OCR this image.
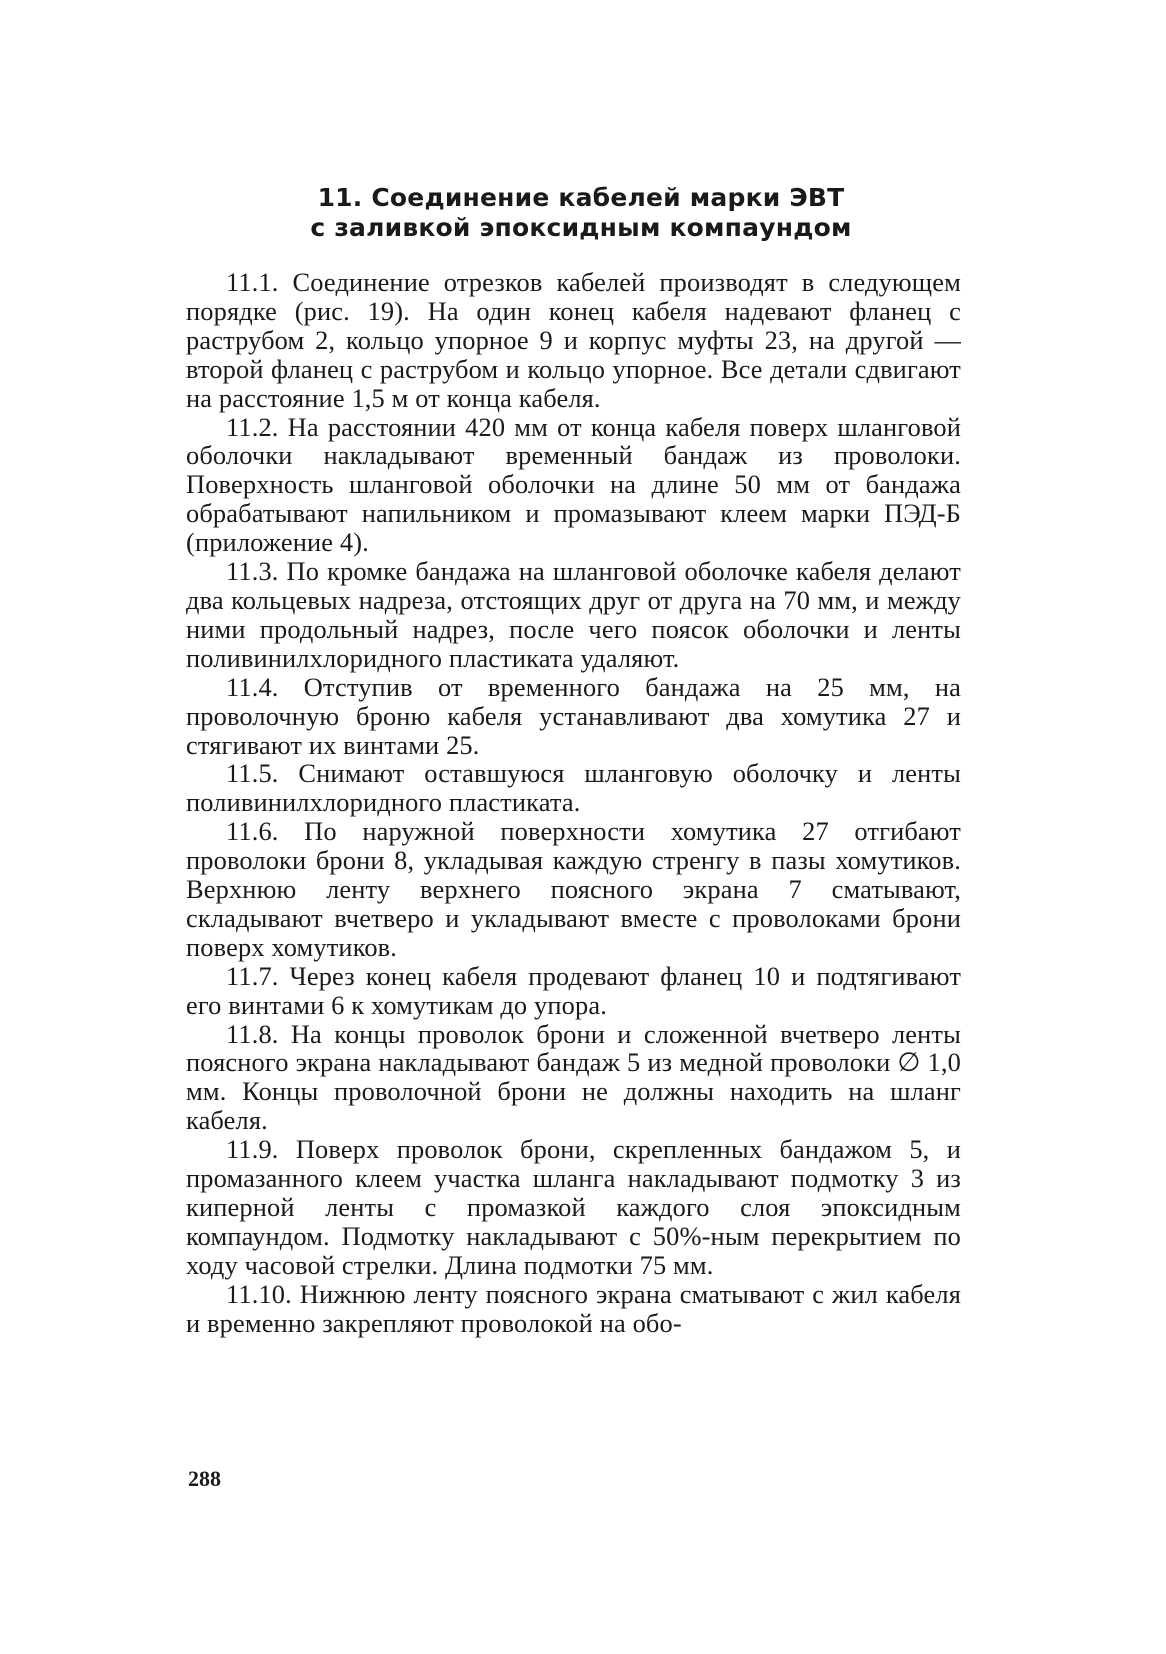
11. Соединение кабелей марки ЭВТ
с заливкой эпоксидным компаундом

11.1. Соединение отрезков кабелей производят в следующем порядке (рис. 19). На один конец кабеля надевают фланец с раструбом 2, кольцо упорное 9 и корпус муфты 23, на другой — второй фланец с раструбом и кольцо упорное. Все детали сдвигают на расстояние 1,5 м от конца кабеля.

11.2. На расстоянии 420 мм от конца кабеля поверх шланговой оболочки накладывают временный бандаж из проволоки. Поверхность шланговой оболочки на длине 50 мм от бандажа обрабатывают напильником и промазывают клеем марки ПЭД-Б (приложение 4).

11.3. По кромке бандажа на шланговой оболочке кабеля делают два кольцевых надреза, отстоящих друг от друга на 70 мм, и между ними продольный надрез, после чего поясок оболочки и ленты поливинилхлоридного пластиката удаляют.

11.4. Отступив от временного бандажа на 25 мм, на проволочную броню кабеля устанавливают два хомутика 27 и стягивают их винтами 25.

11.5. Снимают оставшуюся шланговую оболочку и ленты поливинилхлоридного пластиката.

11.6. По наружной поверхности хомутика 27 отгибают проволоки брони 8, укладывая каждую стренгу в пазы хомутиков. Верхнюю ленту верхнего поясного экрана 7 сматывают, складывают вчетверо и укладывают вместе с проволоками брони поверх хомутиков.

11.7. Через конец кабеля продевают фланец 10 и подтягивают его винтами 6 к хомутикам до упора.

11.8. На концы проволок брони и сложенной вчетверо ленты поясного экрана накладывают бандаж 5 из медной проволоки ∅ 1,0 мм. Концы проволочной брони не должны находить на шланг кабеля.

11.9. Поверх проволок брони, скрепленных бандажом 5, и промазанного клеем участка шланга накладывают подмотку 3 из киперной ленты с промазкой каждого слоя эпоксидным компаундом. Подмотку накладывают с 50%-ным перекрытием по ходу часовой стрелки. Длина подмотки 75 мм.

11.10. Нижнюю ленту поясного экрана сматывают с жил кабеля и временно закрепляют проволокой на обо-

288
